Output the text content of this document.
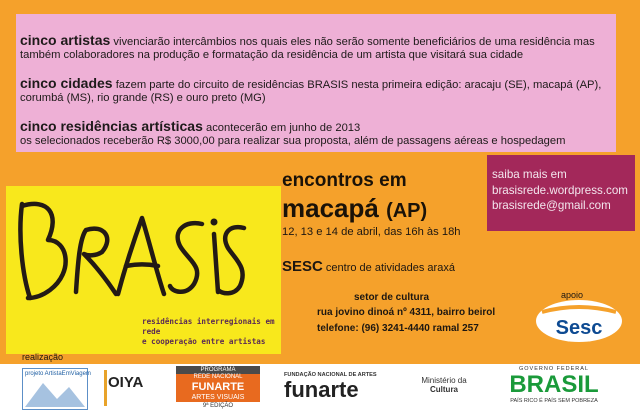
cinco artistas vivenciarão intercâmbios nos quais eles não serão somente beneficiários de uma residência mas

também colaboradores na produção e formatação da residência de um artista que visitará sua cidade

cinco cidades fazem parte do circuito de residências BRASIS nesta primeira edição: aracaju (SE), macapá (AP),

corumbá (MS), rio grande (RS) e ouro preto (MG)

cinco residências artísticas acontecerão em junho de 2013

os selecionados receberão R$ 3000,00 para realizar sua proposta, além de passagens aéreas e hospedagem

saiba mais em
brasisrede.wordpress.com
brasisrede@gmail.com
residências interregionais em rede
e cooperação entre artistas
encontros em
macapá (AP)
12, 13 e 14 de abril, das 16h às 18h
SESC centro de atividades araxá
setor de cultura
rua jovino dinoá nº 4311, bairro beirol
telefone: (96) 3241-4440 ramal 257
apoio
Sesc
realização
projeto ArtistaEmViagem OIYA
PROGRAMA
REDE NACIONAL
FUNARTE
ARTES VISUAIS
9ª EDIÇÃO
FUNDAÇÃO NACIONAL DE ARTES
funarte	Ministério da
Cultura
GOVERNO FEDERAL
BRASIL
PAÍS RICO É PAÍS SEM POBREZA
